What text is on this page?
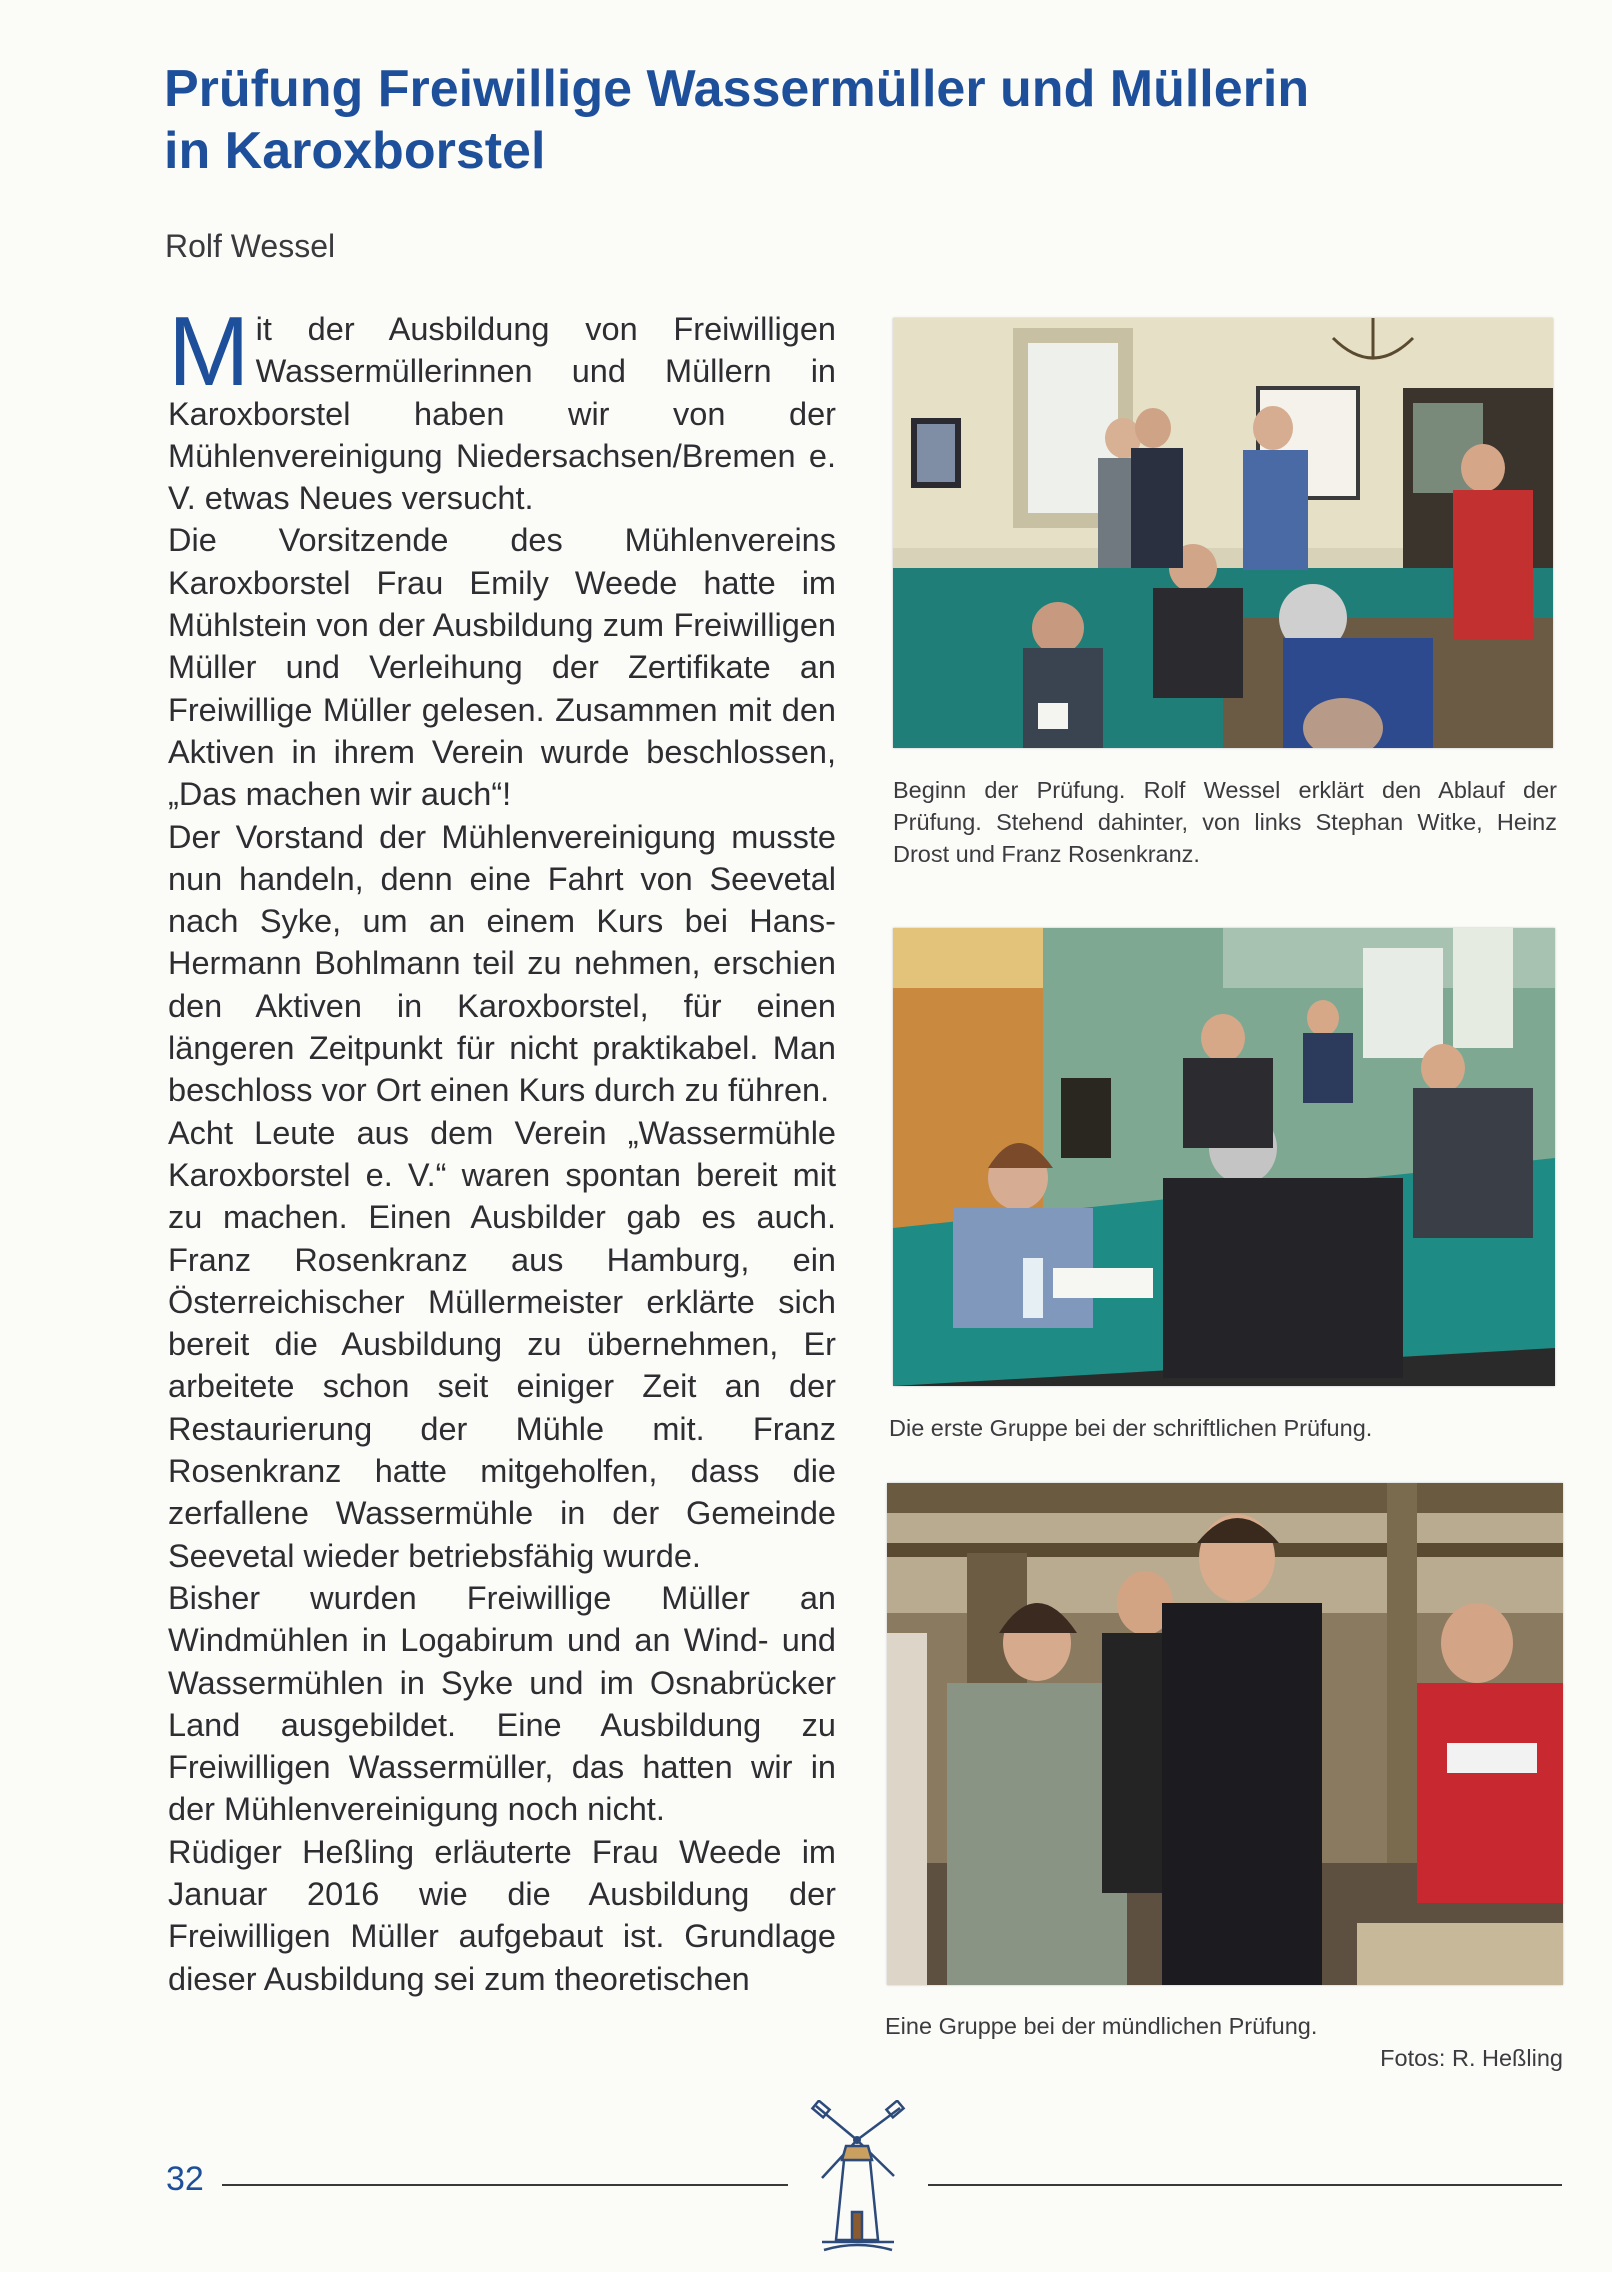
Prüfung Freiwillige Wassermüller und Müllerin
in Karoxborstel
Rolf Wessel

Mit der Ausbildung von Freiwilligen Wassermüllerinnen und Müllern in Karoxborstel haben wir von der Mühlenvereinigung Niedersachsen/Bremen e. V. etwas Neues versucht.

Die Vorsitzende des Mühlenvereins Karoxborstel Frau Emily Weede hatte im Mühlstein von der Ausbildung zum Freiwilligen Müller und Verleihung der Zertifikate an Freiwillige Müller gelesen. Zusammen mit den Aktiven in ihrem Verein wurde beschlossen, „Das machen wir auch“!

Der Vorstand der Mühlenvereinigung musste nun handeln, denn eine Fahrt von Seevetal nach Syke, um an einem Kurs bei Hans-Hermann Bohlmann teil zu nehmen, erschien den Aktiven in Karoxborstel, für einen längeren Zeitpunkt für nicht praktikabel. Man beschloss vor Ort einen Kurs durch zu führen.

Acht Leute aus dem Verein „Wassermühle Karoxborstel e. V.“ waren spontan bereit mit zu machen. Einen Ausbilder gab es auch. Franz Rosenkranz aus Hamburg, ein Österreichischer Müllermeister erklärte sich bereit die Ausbildung zu übernehmen, Er arbeitete schon seit einiger Zeit an der Restaurierung der Mühle mit. Franz Rosenkranz hatte mitgeholfen, dass die zerfallene Wassermühle in der Gemeinde Seevetal wieder betriebsfähig wurde.

Bisher wurden Freiwillige Müller an Windmühlen in Logabirum und an Wind- und Wassermühlen in Syke und im Osnabrücker Land ausgebildet. Eine Ausbildung zu Freiwilligen Wassermüller, das hatten wir in der Mühlenvereinigung noch nicht.

Rüdiger Heßling erläuterte Frau Weede im Januar 2016 wie die Ausbildung der Freiwilligen Müller aufgebaut ist. Grundlage dieser Ausbildung sei zum theoretischen

Beginn der Prüfung. Rolf Wessel erklärt den Ablauf der Prüfung. Stehend dahinter, von links Stephan Witke, Heinz Drost und Franz Rosenkranz.
Die erste Gruppe bei der schriftlichen Prüfung.
Eine Gruppe bei der mündlichen Prüfung.
Fotos: R. Heßling
32
